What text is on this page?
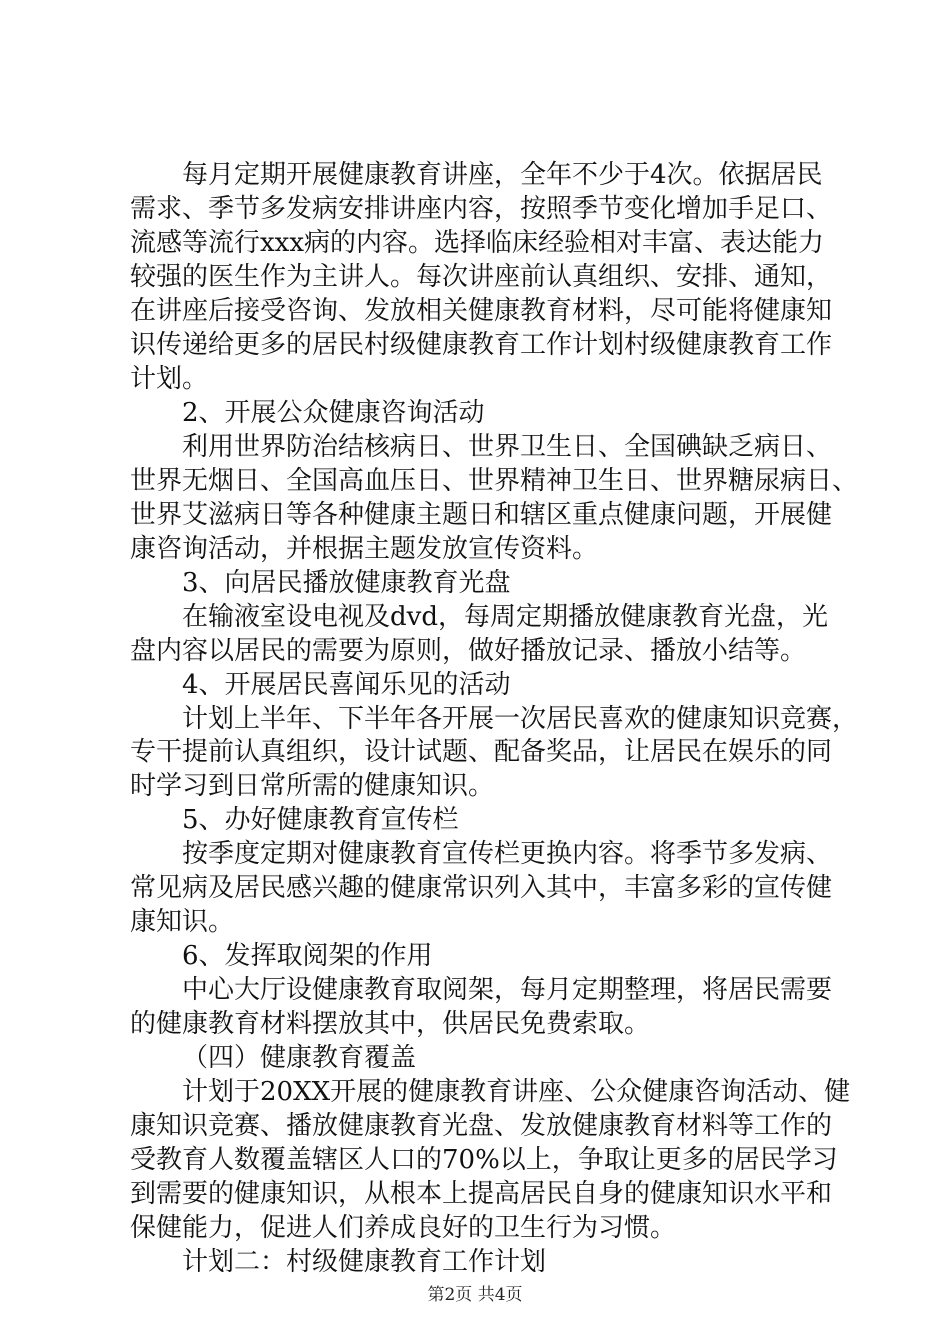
每月定期开展健康教育讲座，全年不少于4次。依据居民
需求、季节多发病安排讲座内容，按照季节变化增加手足口、
流感等流行xxx病的内容。选择临床经验相对丰富、表达能力
较强的医生作为主讲人。每次讲座前认真组织、安排、通知，
在讲座后接受咨询、发放相关健康教育材料，尽可能将健康知
识传递给更多的居民村级健康教育工作计划村级健康教育工作
计划。
2、开展公众健康咨询活动
利用世界防治结核病日、世界卫生日、全国碘缺乏病日、
世界无烟日、全国高血压日、世界精神卫生日、世界糖尿病日、
世界艾滋病日等各种健康主题日和辖区重点健康问题，开展健
康咨询活动，并根据主题发放宣传资料。
3、向居民播放健康教育光盘
在输液室设电视及dvd，每周定期播放健康教育光盘，光
盘内容以居民的需要为原则，做好播放记录、播放小结等。
4、开展居民喜闻乐见的活动
计划上半年、下半年各开展一次居民喜欢的健康知识竞赛，
专干提前认真组织，设计试题、配备奖品，让居民在娱乐的同
时学习到日常所需的健康知识。
5、办好健康教育宣传栏
按季度定期对健康教育宣传栏更换内容。将季节多发病、
常见病及居民感兴趣的健康常识列入其中，丰富多彩的宣传健
康知识。
6、发挥取阅架的作用
中心大厅设健康教育取阅架，每月定期整理，将居民需要
的健康教育材料摆放其中，供居民免费索取。
（四）健康教育覆盖
计划于20XX开展的健康教育讲座、公众健康咨询活动、健
康知识竞赛、播放健康教育光盘、发放健康教育材料等工作的
受教育人数覆盖辖区人口的70%以上，争取让更多的居民学习
到需要的健康知识，从根本上提高居民自身的健康知识水平和
保健能力，促进人们养成良好的卫生行为习惯。
计划二：村级健康教育工作计划
第2页 共4页
